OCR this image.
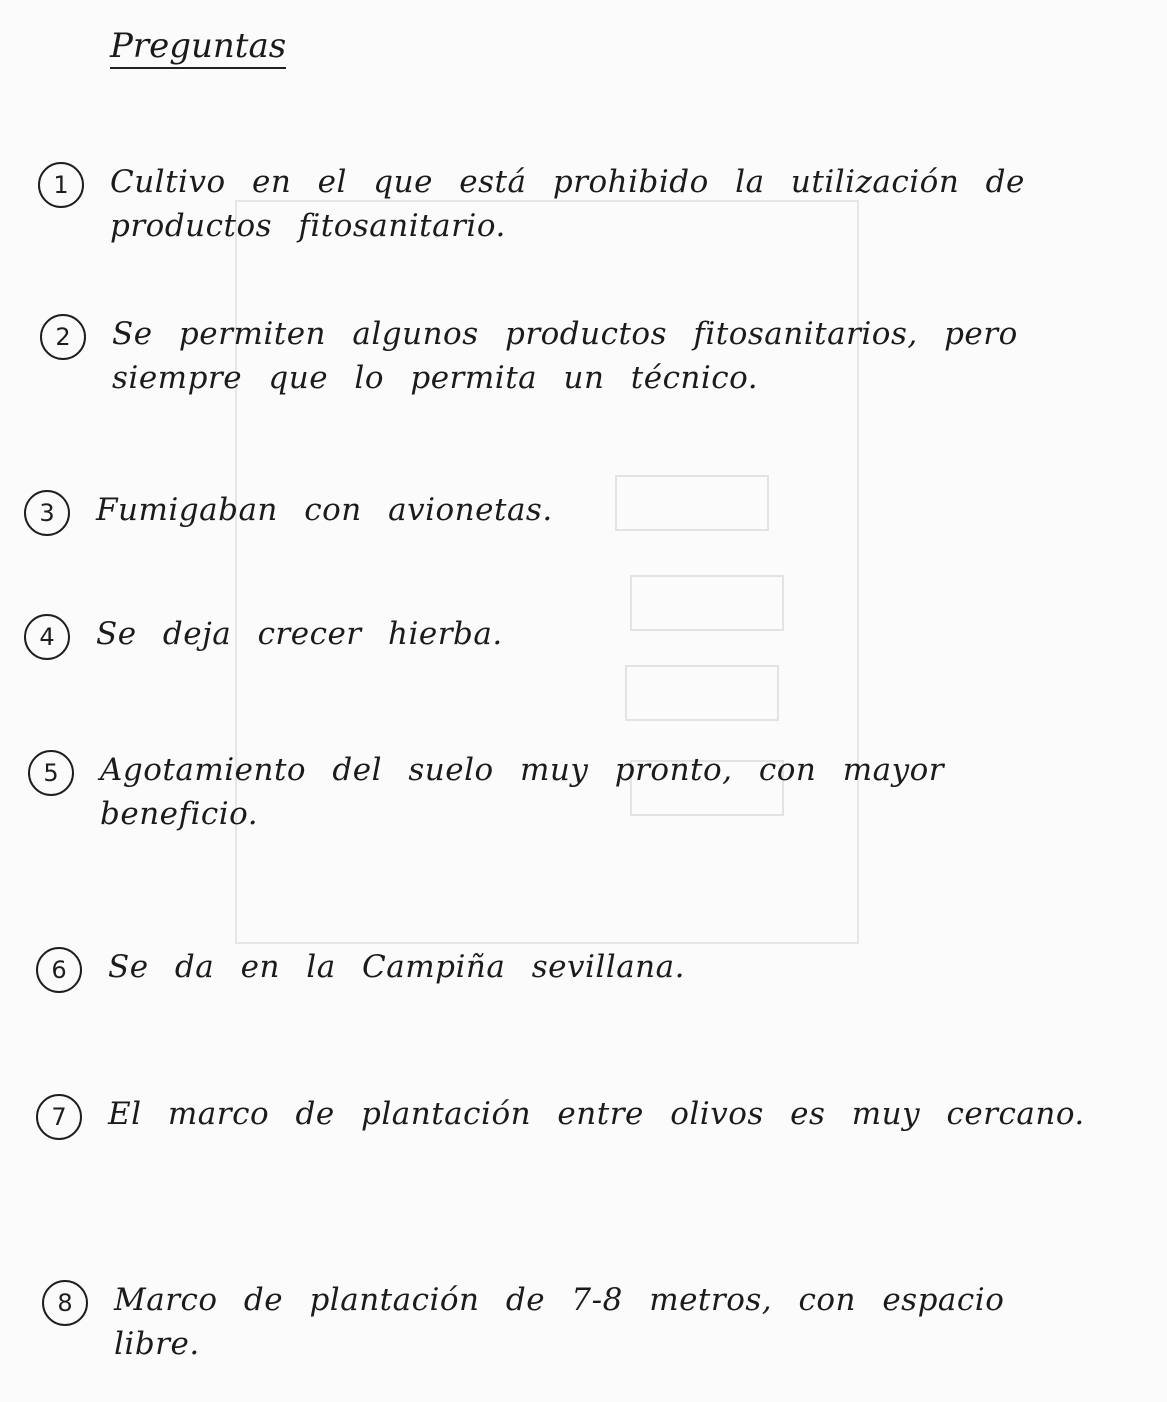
Preguntas
1	Cultivo en el que está prohibido la utilización de productos fitosanitario.
2	Se permiten algunos productos fitosanitarios, pero siempre que lo permita un técnico.
3	Fumigaban con avionetas.
4	Se deja crecer hierba.
5	Agotamiento del suelo muy pronto, con mayor beneficio.
6	Se da en la Campiña sevillana.
7	El marco de plantación entre olivos es muy cercano.
8	Marco de plantación de 7-8 metros, con espacio libre.
